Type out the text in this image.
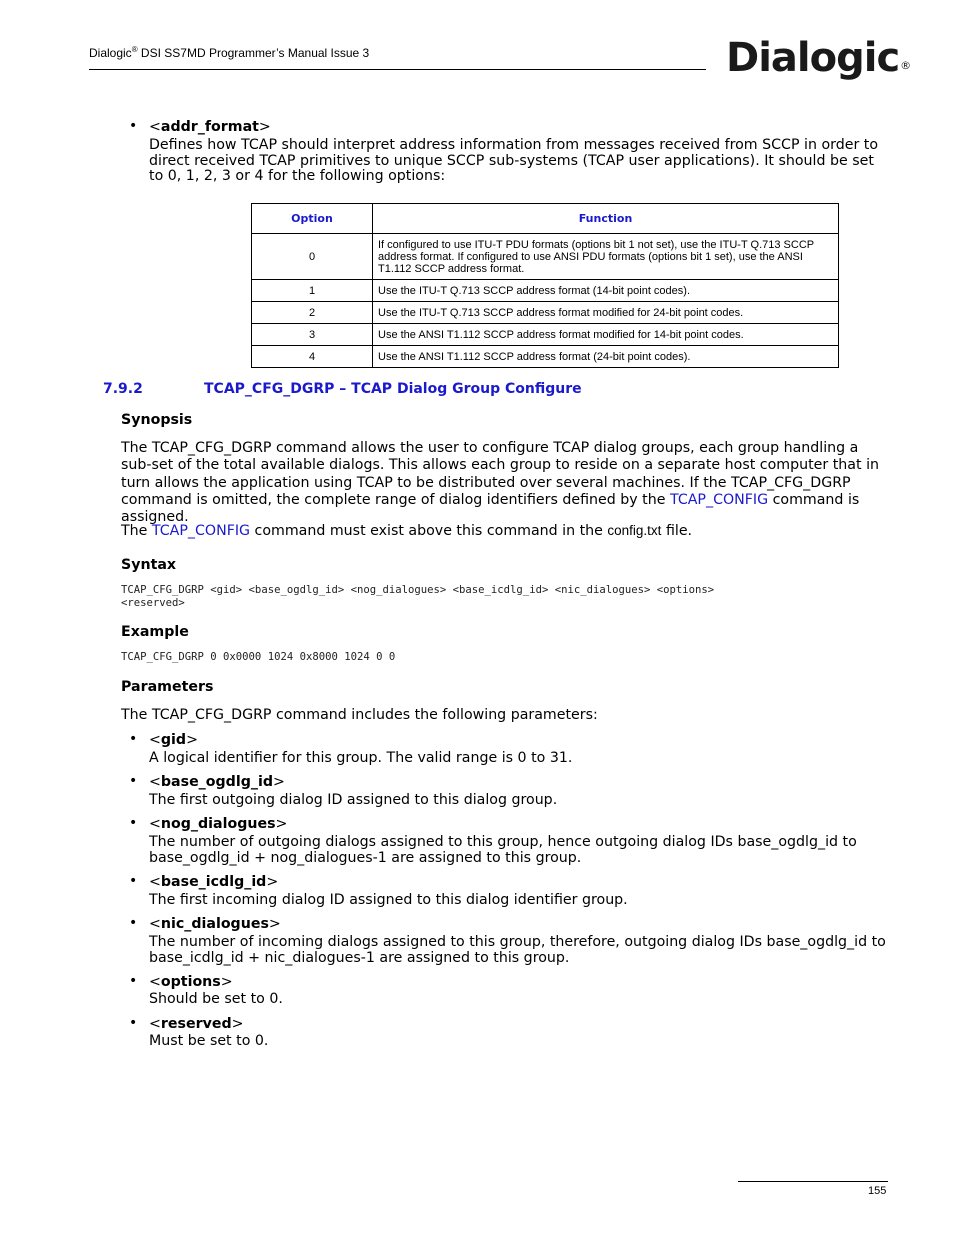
Dialogic® DSI SS7MD Programmer’s Manual Issue 3	Dialogic®
• <addr_format>
Defines how TCAP should interpret address information from messages received from SCCP in order to direct received TCAP primitives to unique SCCP sub-systems (TCAP user applications). It should be set to 0, 1, 2, 3 or 4 for the following options:
Option	Function
0	If configured to use ITU-T PDU formats (options bit 1 not set), use the ITU-T Q.713 SCCP address format. If configured to use ANSI PDU formats (options bit 1 set), use the ANSI T1.112 SCCP address format.
1	Use the ITU-T Q.713 SCCP address format (14-bit point codes).
2	Use the ITU-T Q.713 SCCP address format modified for 24-bit point codes.
3	Use the ANSI T1.112 SCCP address format modified for 14-bit point codes.
4	Use the ANSI T1.112 SCCP address format (24-bit point codes).
7.9.2	TCAP_CFG_DGRP – TCAP Dialog Group Configure
Synopsis
The TCAP_CFG_DGRP command allows the user to configure TCAP dialog groups, each group handling a sub-set of the total available dialogs. This allows each group to reside on a separate host computer that in turn allows the application using TCAP to be distributed over several machines. If the TCAP_CFG_DGRP command is omitted, the complete range of dialog identifiers defined by the TCAP_CONFIG command is assigned.
The TCAP_CONFIG command must exist above this command in the config.txt file.
Syntax
TCAP_CFG_DGRP <gid> <base_ogdlg_id> <nog_dialogues> <base_icdlg_id> <nic_dialogues> <options>
<reserved>
Example
TCAP_CFG_DGRP 0 0x0000 1024 0x8000 1024 0 0
Parameters
The TCAP_CFG_DGRP command includes the following parameters:
• <gid>
A logical identifier for this group. The valid range is 0 to 31.
• <base_ogdlg_id>
The first outgoing dialog ID assigned to this dialog group.
• <nog_dialogues>
The number of outgoing dialogs assigned to this group, hence outgoing dialog IDs base_ogdlg_id to base_ogdlg_id + nog_dialogues-1 are assigned to this group.
• <base_icdlg_id>
The first incoming dialog ID assigned to this dialog identifier group.
• <nic_dialogues>
The number of incoming dialogs assigned to this group, therefore, outgoing dialog IDs base_ogdlg_id to base_icdlg_id + nic_dialogues-1 are assigned to this group.
• <options>
Should be set to 0.
• <reserved>
Must be set to 0.
155
